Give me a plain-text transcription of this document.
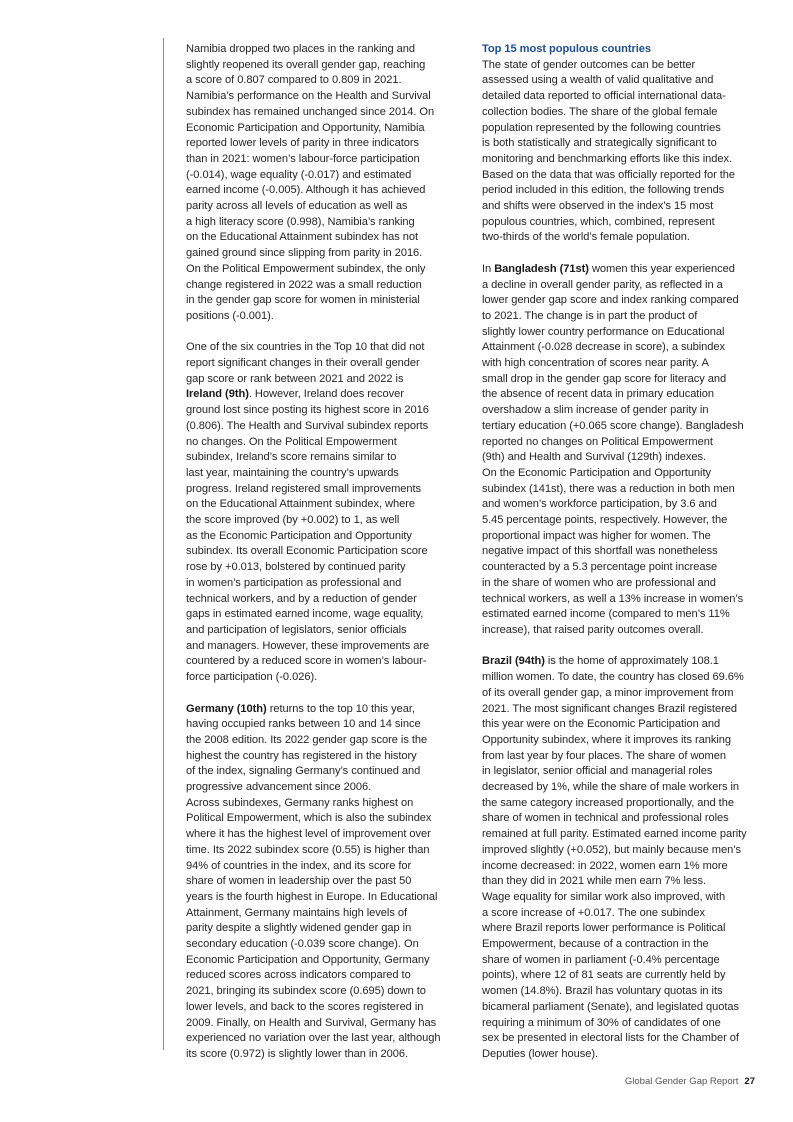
Namibia dropped two places in the ranking and
slightly reopened its overall gender gap, reaching
a score of 0.807 compared to 0.809 in 2021.
Namibia’s performance on the Health and Survival
subindex has remained unchanged since 2014. On
Economic Participation and Opportunity, Namibia
reported lower levels of parity in three indicators
than in 2021: women’s labour-force participation
(-0.014), wage equality (-0.017) and estimated
earned income (-0.005). Although it has achieved
parity across all levels of education as well as
a high literacy score (0.998), Namibia’s ranking
on the Educational Attainment subindex has not
gained ground since slipping from parity in 2016.
On the Political Empowerment subindex, the only
change registered in 2022 was a small reduction
in the gender gap score for women in ministerial
positions (-0.001).

One of the six countries in the Top 10 that did not
report significant changes in their overall gender
gap score or rank between 2021 and 2022 is
Ireland (9th). However, Ireland does recover
ground lost since posting its highest score in 2016
(0.806). The Health and Survival subindex reports
no changes. On the Political Empowerment
subindex, Ireland’s score remains similar to
last year, maintaining the country’s upwards
progress. Ireland registered small improvements
on the Educational Attainment subindex, where
the score improved (by +0.002) to 1, as well
as the Economic Participation and Opportunity
subindex. Its overall Economic Participation score
rose by +0.013, bolstered by continued parity
in women’s participation as professional and
technical workers, and by a reduction of gender
gaps in estimated earned income, wage equality,
and participation of legislators, senior officials
and managers. However, these improvements are
countered by a reduced score in women’s labour-
force participation (-0.026).

Germany (10th) returns to the top 10 this year,
having occupied ranks between 10 and 14 since
the 2008 edition. Its 2022 gender gap score is the
highest the country has registered in the history
of the index, signaling Germany’s continued and
progressive advancement since 2006.
Across subindexes, Germany ranks highest on
Political Empowerment, which is also the subindex
where it has the highest level of improvement over
time. Its 2022 subindex score (0.55) is higher than
94% of countries in the index, and its score for
share of women in leadership over the past 50
years is the fourth highest in Europe. In Educational
Attainment, Germany maintains high levels of
parity despite a slightly widened gender gap in
secondary education (-0.039 score change). On
Economic Participation and Opportunity, Germany
reduced scores across indicators compared to
2021, bringing its subindex score (0.695) down to
lower levels, and back to the scores registered in
2009. Finally, on Health and Survival, Germany has
experienced no variation over the last year, although
its score (0.972) is slightly lower than in 2006.

Top 15 most populous countries

The state of gender outcomes can be better
assessed using a wealth of valid qualitative and
detailed data reported to official international data-
collection bodies. The share of the global female
population represented by the following countries
is both statistically and strategically significant to
monitoring and benchmarking efforts like this index.
Based on the data that was officially reported for the
period included in this edition, the following trends
and shifts were observed in the index’s 15 most
populous countries, which, combined, represent
two-thirds of the world’s female population.

In Bangladesh (71st) women this year experienced
a decline in overall gender parity, as reflected in a
lower gender gap score and index ranking compared
to 2021. The change is in part the product of
slightly lower country performance on Educational
Attainment (-0.028 decrease in score), a subindex
with high concentration of scores near parity. A
small drop in the gender gap score for literacy and
the absence of recent data in primary education
overshadow a slim increase of gender parity in
tertiary education (+0.065 score change). Bangladesh
reported no changes on Political Empowerment
(9th) and Health and Survival (129th) indexes.
On the Economic Participation and Opportunity
subindex (141st), there was a reduction in both men
and women’s workforce participation, by 3.6 and
5.45 percentage points, respectively. However, the
proportional impact was higher for women. The
negative impact of this shortfall was nonetheless
counteracted by a 5.3 percentage point increase
in the share of women who are professional and
technical workers, as well a 13% increase in women’s
estimated earned income (compared to men’s 11%
increase), that raised parity outcomes overall.

Brazil (94th) is the home of approximately 108.1
million women. To date, the country has closed 69.6%
of its overall gender gap, a minor improvement from
2021. The most significant changes Brazil registered
this year were on the Economic Participation and
Opportunity subindex, where it improves its ranking
from last year by four places. The share of women
in legislator, senior official and managerial roles
decreased by 1%, while the share of male workers in
the same category increased proportionally, and the
share of women in technical and professional roles
remained at full parity. Estimated earned income parity
improved slightly (+0.052), but mainly because men’s
income decreased: in 2022, women earn 1% more
than they did in 2021 while men earn 7% less.
Wage equality for similar work also improved, with
a score increase of +0.017. The one subindex
where Brazil reports lower performance is Political
Empowerment, because of a contraction in the
share of women in parliament (-0.4% percentage
points), where 12 of 81 seats are currently held by
women (14.8%). Brazil has voluntary quotas in its
bicameral parliament (Senate), and legislated quotas
requiring a minimum of 30% of candidates of one
sex be presented in electoral lists for the Chamber of
Deputies (lower house).

Global Gender Gap Report 27
